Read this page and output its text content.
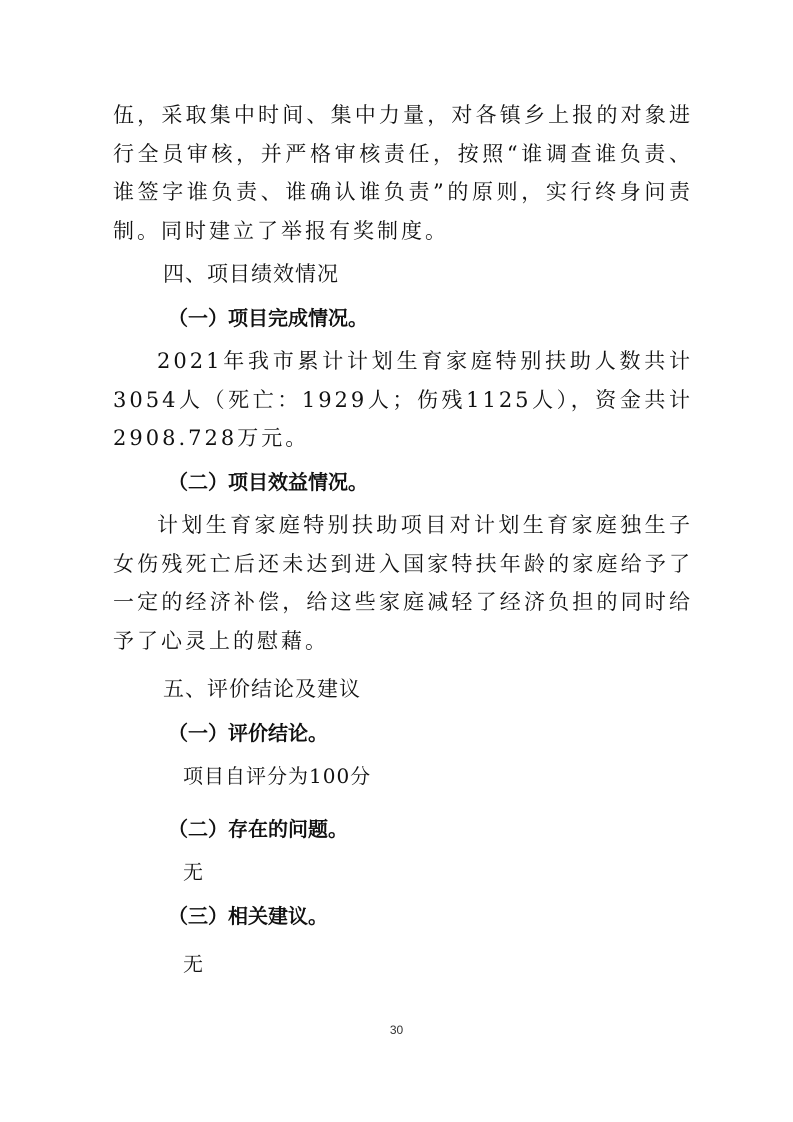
伍，采取集中时间、集中力量，对各镇乡上报的对象进行全员审核，并严格审核责任，按照“谁调查谁负责、谁签字谁负责、谁确认谁负责”的原则，实行终身问责制。同时建立了举报有奖制度。

四、项目绩效情况

（一）项目完成情况。

2021年我市累计计划生育家庭特别扶助人数共计3054人（死亡：1929人；伤残1125人），资金共计2908.728万元。

（二）项目效益情况。

计划生育家庭特别扶助项目对计划生育家庭独生子女伤残死亡后还未达到进入国家特扶年龄的家庭给予了一定的经济补偿，给这些家庭减轻了经济负担的同时给予了心灵上的慰藉。

五、评价结论及建议

（一）评价结论。

项目自评分为100分

（二）存在的问题。

无

（三）相关建议。

无

30
